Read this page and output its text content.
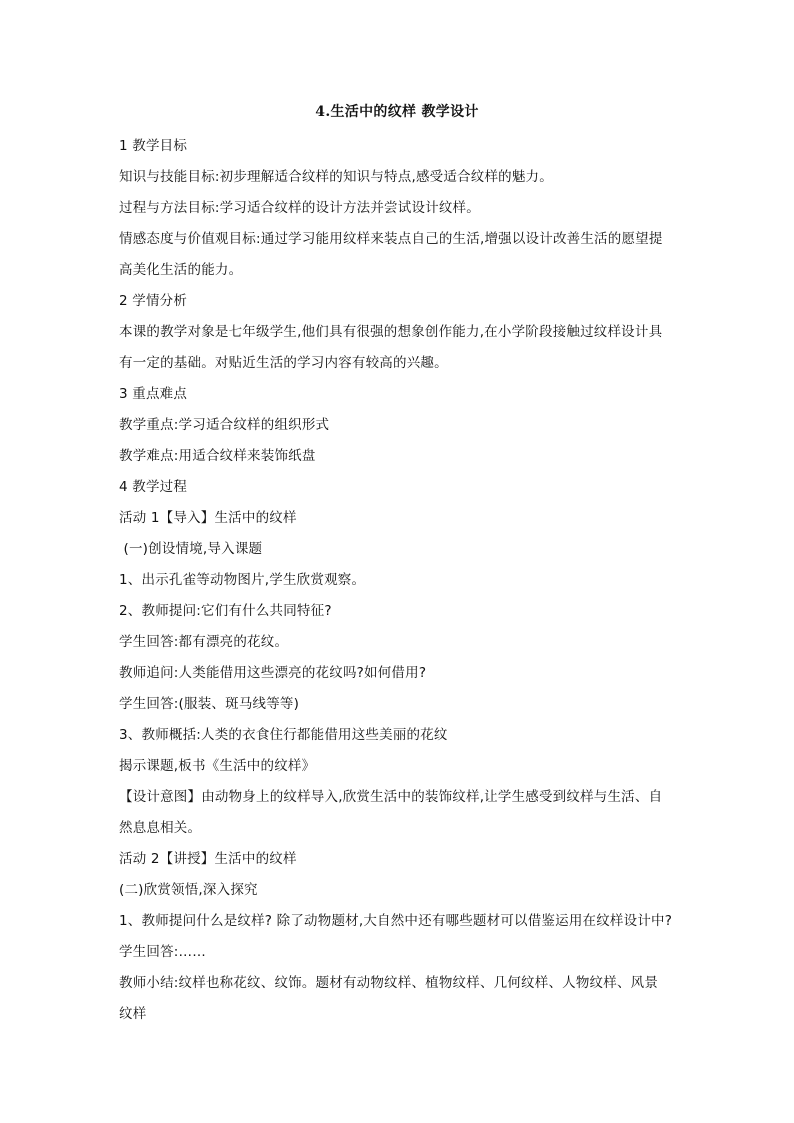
4.生活中的纹样 教学设计
1 教学目标
知识与技能目标:初步理解适合纹样的知识与特点,感受适合纹样的魅力。
过程与方法目标:学习适合纹样的设计方法并尝试设计纹样。
情感态度与价值观目标:通过学习能用纹样来装点自己的生活,增强以设计改善生活的愿望提
高美化生活的能力。
2 学情分析
本课的教学对象是七年级学生,他们具有很强的想象创作能力,在小学阶段接触过纹样设计具
有一定的基础。对贴近生活的学习内容有较高的兴趣。
3 重点难点
教学重点:学习适合纹样的组织形式
教学难点:用适合纹样来装饰纸盘
4 教学过程
活动 1【导入】生活中的纹样
(一)创设情境,导入课题
1、出示孔雀等动物图片,学生欣赏观察。
2、教师提问:它们有什么共同特征?
学生回答:都有漂亮的花纹。
教师追问:人类能借用这些漂亮的花纹吗?如何借用?
学生回答:(服装、斑马线等等)
3、教师概括:人类的衣食住行都能借用这些美丽的花纹
揭示课题,板书《生活中的纹样》
【设计意图】由动物身上的纹样导入,欣赏生活中的装饰纹样,让学生感受到纹样与生活、自
然息息相关。
活动 2【讲授】生活中的纹样
(二)欣赏领悟,深入探究
1、教师提问什么是纹样? 除了动物题材,大自然中还有哪些题材可以借鉴运用在纹样设计中?
学生回答:……
教师小结:纹样也称花纹、纹饰。题材有动物纹样、植物纹样、几何纹样、人物纹样、风景
纹样
